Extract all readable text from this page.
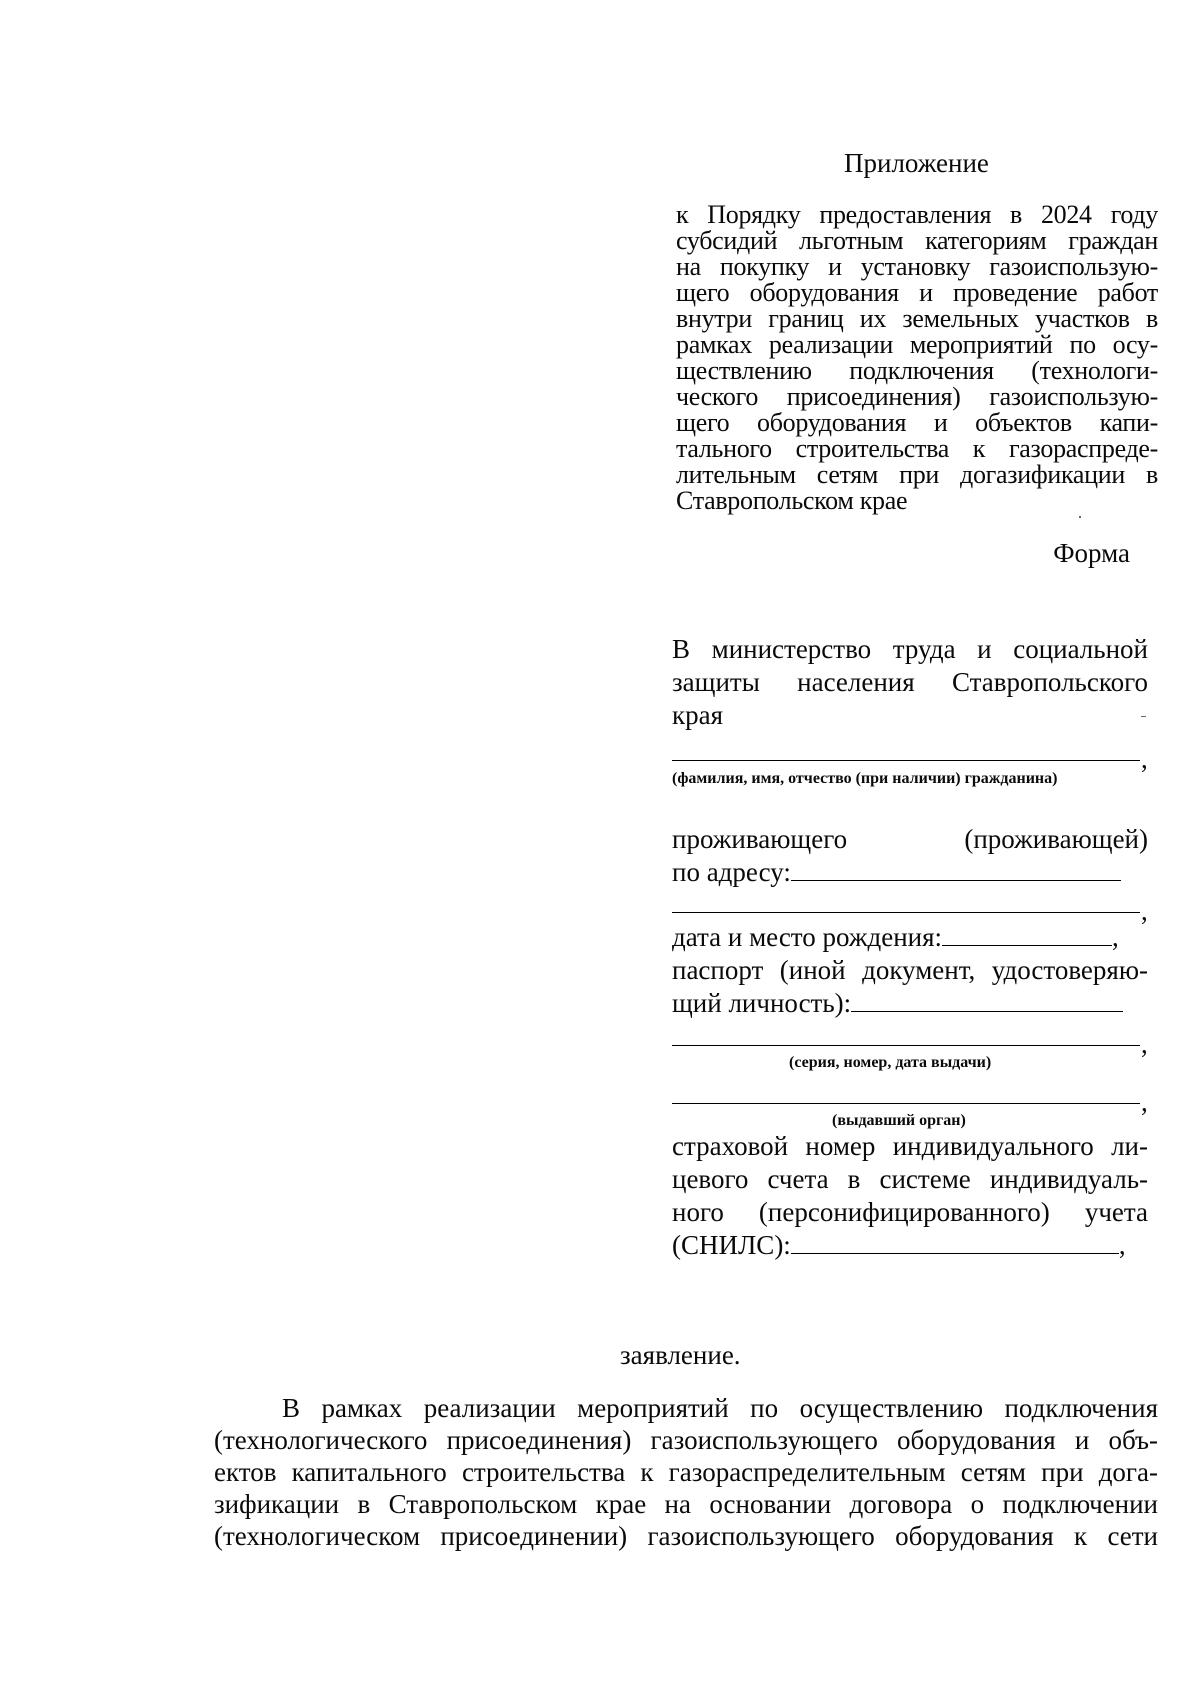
Приложение
к Порядку предоставления в 2024 году
субсидий льготным категориям граждан
на покупку и установку газоиспользую-
щего оборудования и проведение работ
внутри границ их земельных участков в
рамках реализации мероприятий по осу-
ществлению подключения (технологи-
ческого присоединения) газоиспользую-
щего оборудования и объектов капи-
тального строительства к газораспреде-
лительным сетям при догазификации в
Ставропольском крае
Форма
В министерство труда и социальной
защиты населения Ставропольского
края
,
(фамилия, имя, отчество (при наличии) гражданина)
проживающего (проживающей)
по адресу:
,
дата и место рождения:	,
паспорт (иной документ, удостоверяю-
щий личность):
,
(серия, номер, дата выдачи)
,
(выдавший орган)
страховой номер индивидуального ли-
цевого счета в системе индивидуаль-
ного (персонифицированного) учета
(СНИЛС):	,
заявление.
В рамках реализации мероприятий по осуществлению подключения
(технологического присоединения) газоиспользующего оборудования и объ-
ектов капитального строительства к газораспределительным сетям при дога-
зификации в Ставропольском крае на основании договора о подключении
(технологическом присоединении) газоиспользующего оборудования к сети
